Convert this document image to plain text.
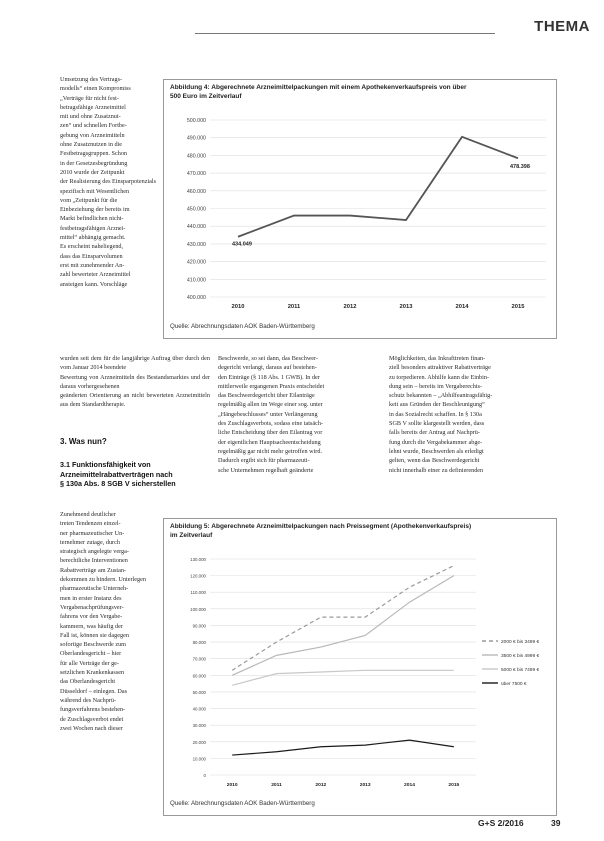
THEMA
Umsetzung des Vertrags-
modells“ einen Kompromiss
„Verträge für nicht fest-
betragsfähige Arzneimittel
mit und ohne Zusatznut-
zen“ und schnellen Fortbe-
gebung von Arzneimitteln
ohne Zusatznutzen in die
Festbetragsgruppen. Schon
in der Gesetzesbegründung
2010 wurde der Zeitpunkt
der Realisierung des Einsparpotenzials
spezifisch mit Wesentlichen
vom „Zeitpunkt für die
Einbeziehung der bereits im
Markt befindlichen nicht-
festbetragsfähigen Arznei-
mittel“ abhängig gemacht.
Es erscheint naheliegend,
dass das Einsparvolumen
erst mit zunehmender An-
zahl bewerteter Arzneimittel
ansteigen kann. Vorschläge
Abbildung 4: Abgerechnete Arzneimittelpackungen mit einem Apothekenverkaufspreis von über
500 Euro im Zeitverlauf
500.000
490.000
480.000
470.000
460.000
450.000
440.000
430.000
420.000
410.000
400.000
2010	2011	2012	2013	2014	2015
434.049
478.398
Quelle: Abrechnungsdaten AOK Baden-Württemberg

wurden seit dem für die langjährige Auftrag über durch den vom Januar 2014 beendete

Bewertung von Arzneimitteln des Bestandsmarktes und der daraus vorhergesehenen

geänderten Orientierung an nicht bewerteten Arzneimitteln aus dem Standardtherapie.

Beschwerde, so sei dann, das Beschwer-
degericht verlangt, daraus auf bestehen-
den Einträge (§ 118 Abs. 1 GWB). In der
mittlerweile ergangenen Praxis entscheidet
das Beschwerdegericht über Eilanträge
regelmäßig allen im Wege einer sog. unter
„Hängebeschlusses“ unter Verlängerung
des Zuschlagsverbots, sodass eine tatsäch-
liche Entscheidung über den Eilantrag vor
der eigentlichen Hauptsacheentscheidung
regelmäßig gar nicht mehr getroffen wird.
Dadurch ergibt sich für pharmazeuti-
sche Unternehmen regelhaft geänderte
Möglichkeiten, das Inkrafttreten finan-
ziell besonders attraktiver Rabattverträge
zu torpedieren. Abhilfe kann die Einbin-
dung sein – bereits im Vergaberechts-
schutz bekannten – „Abhilfeantragsfähig-
keit aus Gründen der Beschleunigung“
in das Sozialrecht schaffen. In § 130a
SGB V sollte klargestellt werden, dass
falls bereits der Antrag auf Nachprü-
fung durch die Vergabekammer abge-
lehnt wurde, Beschwerden als erledigt
gelten, wenn das Beschwerdegericht
nicht innerhalb einer zu definierenden
3. Was nun?
3.1 Funktionsfähigkeit von
Arzneimittelrabattverträgen nach
§ 130a Abs. 8 SGB V sicherstellen
Zunehmend deutlicher
treten Tendenzen einzel-
ner pharmazeutischer Un-
ternehmer zutage, durch
strategisch angelegte verga-
berechtliche Interventionen
Rabattverträge am Zustan-
dekommen zu hindern. Unterlegen
pharmazeutische Unterneh-
men in erster Instanz des
Vergabenachprüfungsver-
fahrens vor den Vergabe-
kammern, was häufig der
Fall ist, können sie dagegen
sofortige Beschwerde zum
Oberlandesgericht – hier
für alle Verträge der ge-
setzlichen Krankenkassen
das Oberlandesgericht
Düsseldorf – einlegen. Das
während des Nachprü-
fungsverfahrens bestehen-
de Zuschlagsverbot endet
zwei Wochen nach dieser
Abbildung 5: Abgerechnete Arzneimittelpackungen nach Preissegment (Apothekenverkaufspreis)
im Zeitverlauf
130.000
120.000
110.000
100.000
90.000
80.000
70.000
60.000
50.000
40.000
30.000
20.000
10.000
0
2010	2011	2012	2013	2014	2015
2000 € bis 3499 €
3500 € bis 4999 €
5000 € bis 7499 €
über 7500 €
Quelle: Abrechnungsdaten AOK Baden-Württemberg
G+S 2/2016	39
